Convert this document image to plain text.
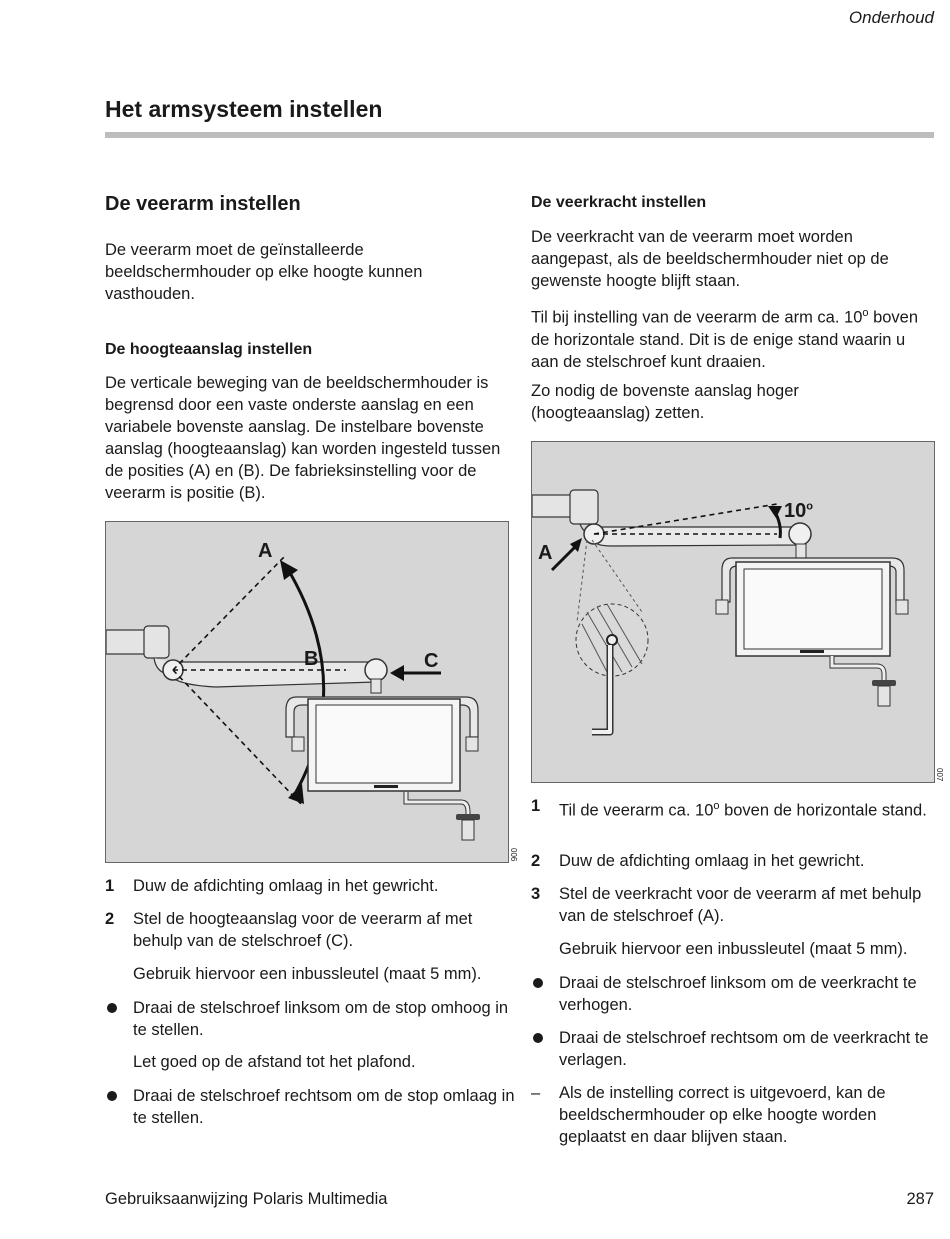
Onderhoud
Het armsysteem instellen
De veerarm instellen

De veerarm moet de geïnstalleerde beeldschermhouder op elke hoogte kunnen vasthouden.

De hoogteaanslag instellen

De verticale beweging van de beeldschermhouder is begrensd door een vaste onderste aanslag en een variabele bovenste aanslag. De instelbare bovenste aanslag (hoogteaanslag) kan worden ingesteld tussen de posities (A) en (B). De fabrieksinstelling voor de veerarm is positie (B).

A
B	C
006
1 Duw de afdichting omlaag in het gewricht.
2 Stel de hoogteaanslag voor de veerarm af met behulp van de stelschroef (C).
Gebruik hiervoor een inbussleutel (maat 5 mm).
Draai de stelschroef linksom om de stop omhoog in te stellen.
Let goed op de afstand tot het plafond.
Draai de stelschroef rechtsom om de stop omlaag in te stellen.
De veerkracht instellen

De veerkracht van de veerarm moet worden aangepast, als de beeldschermhouder niet op de gewenste hoogte blijft staan.

Til bij instelling van de veerarm de arm ca. 10$^o$ boven de horizontale stand. Dit is de enige stand waarin u aan de stelschroef kunt draaien.

Zo nodig de bovenste aanslag hoger (hoogteaanslag) zetten.

A
10$^o$
007
1 Til de veerarm ca. 10$^o$ boven de horizontale stand.
2 Duw de afdichting omlaag in het gewricht.
3 Stel de veerkracht voor de veerarm af met behulp van de stelschroef (A).
Gebruik hiervoor een inbussleutel (maat 5 mm).
Draai de stelschroef linksom om de veerkracht te verhogen.
Draai de stelschroef rechtsom om de veerkracht te verlagen.
– Als de instelling correct is uitgevoerd, kan de beeldschermhouder op elke hoogte worden geplaatst en daar blijven staan.
Gebruiksaanwijzing Polaris Multimedia	287
